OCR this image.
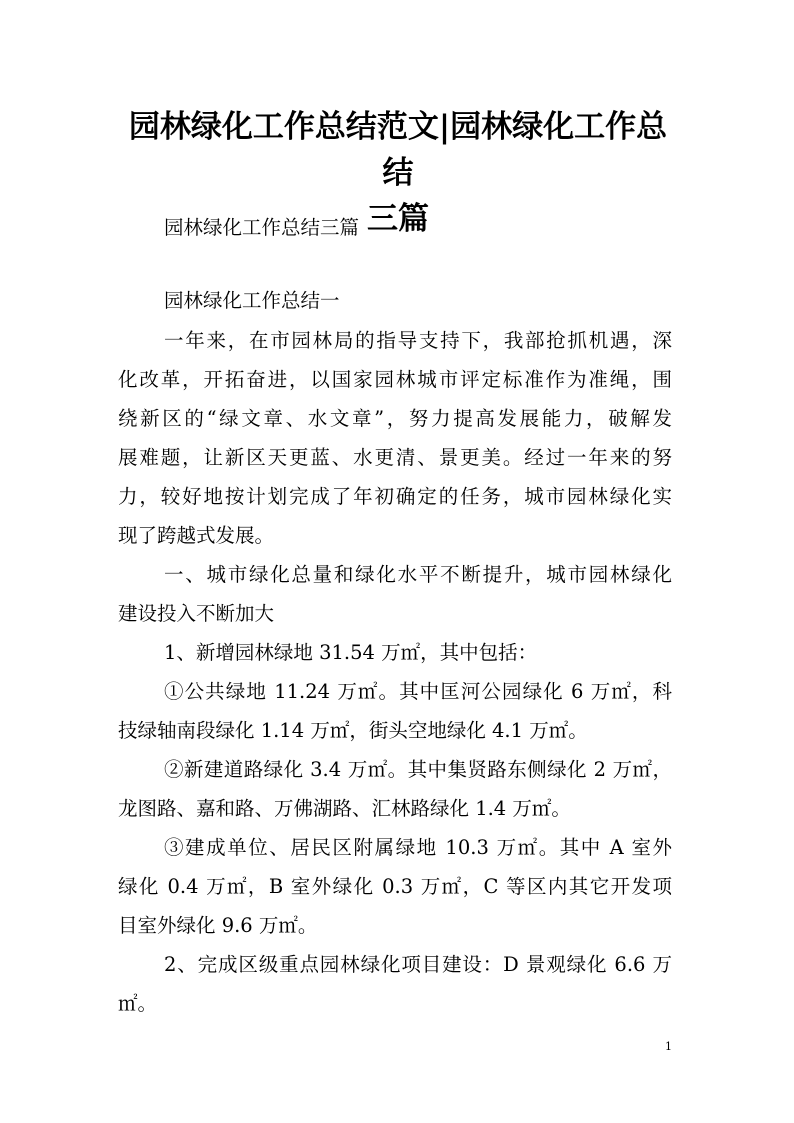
园林绿化工作总结范文|园林绿化工作总结
三篇

园林绿化工作总结三篇

园林绿化工作总结一

一年来，在市园林局的指导支持下，我部抢抓机遇，深

化改革，开拓奋进，以国家园林城市评定标准作为准绳，围

绕新区的“绿文章、水文章”，努力提高发展能力，破解发

展难题，让新区天更蓝、水更清、景更美。经过一年来的努

力，较好地按计划完成了年初确定的任务，城市园林绿化实

现了跨越式发展。

一、城市绿化总量和绿化水平不断提升，城市园林绿化

建设投入不断加大

1、新增园林绿地 31.54 万㎡，其中包括：

①公共绿地 11.24 万㎡。其中匡河公园绿化 6 万㎡，科

技绿轴南段绿化 1.14 万㎡，街头空地绿化 4.1 万㎡。

②新建道路绿化 3.4 万㎡。其中集贤路东侧绿化 2 万㎡，

龙图路、嘉和路、万佛湖路、汇林路绿化 1.4 万㎡。

③建成单位、居民区附属绿地 10.3 万㎡。其中 A 室外

绿化 0.4 万㎡，B 室外绿化 0.3 万㎡，C 等区内其它开发项

目室外绿化 9.6 万㎡。

2、完成区级重点园林绿化项目建设：D 景观绿化 6.6 万

㎡。

1
